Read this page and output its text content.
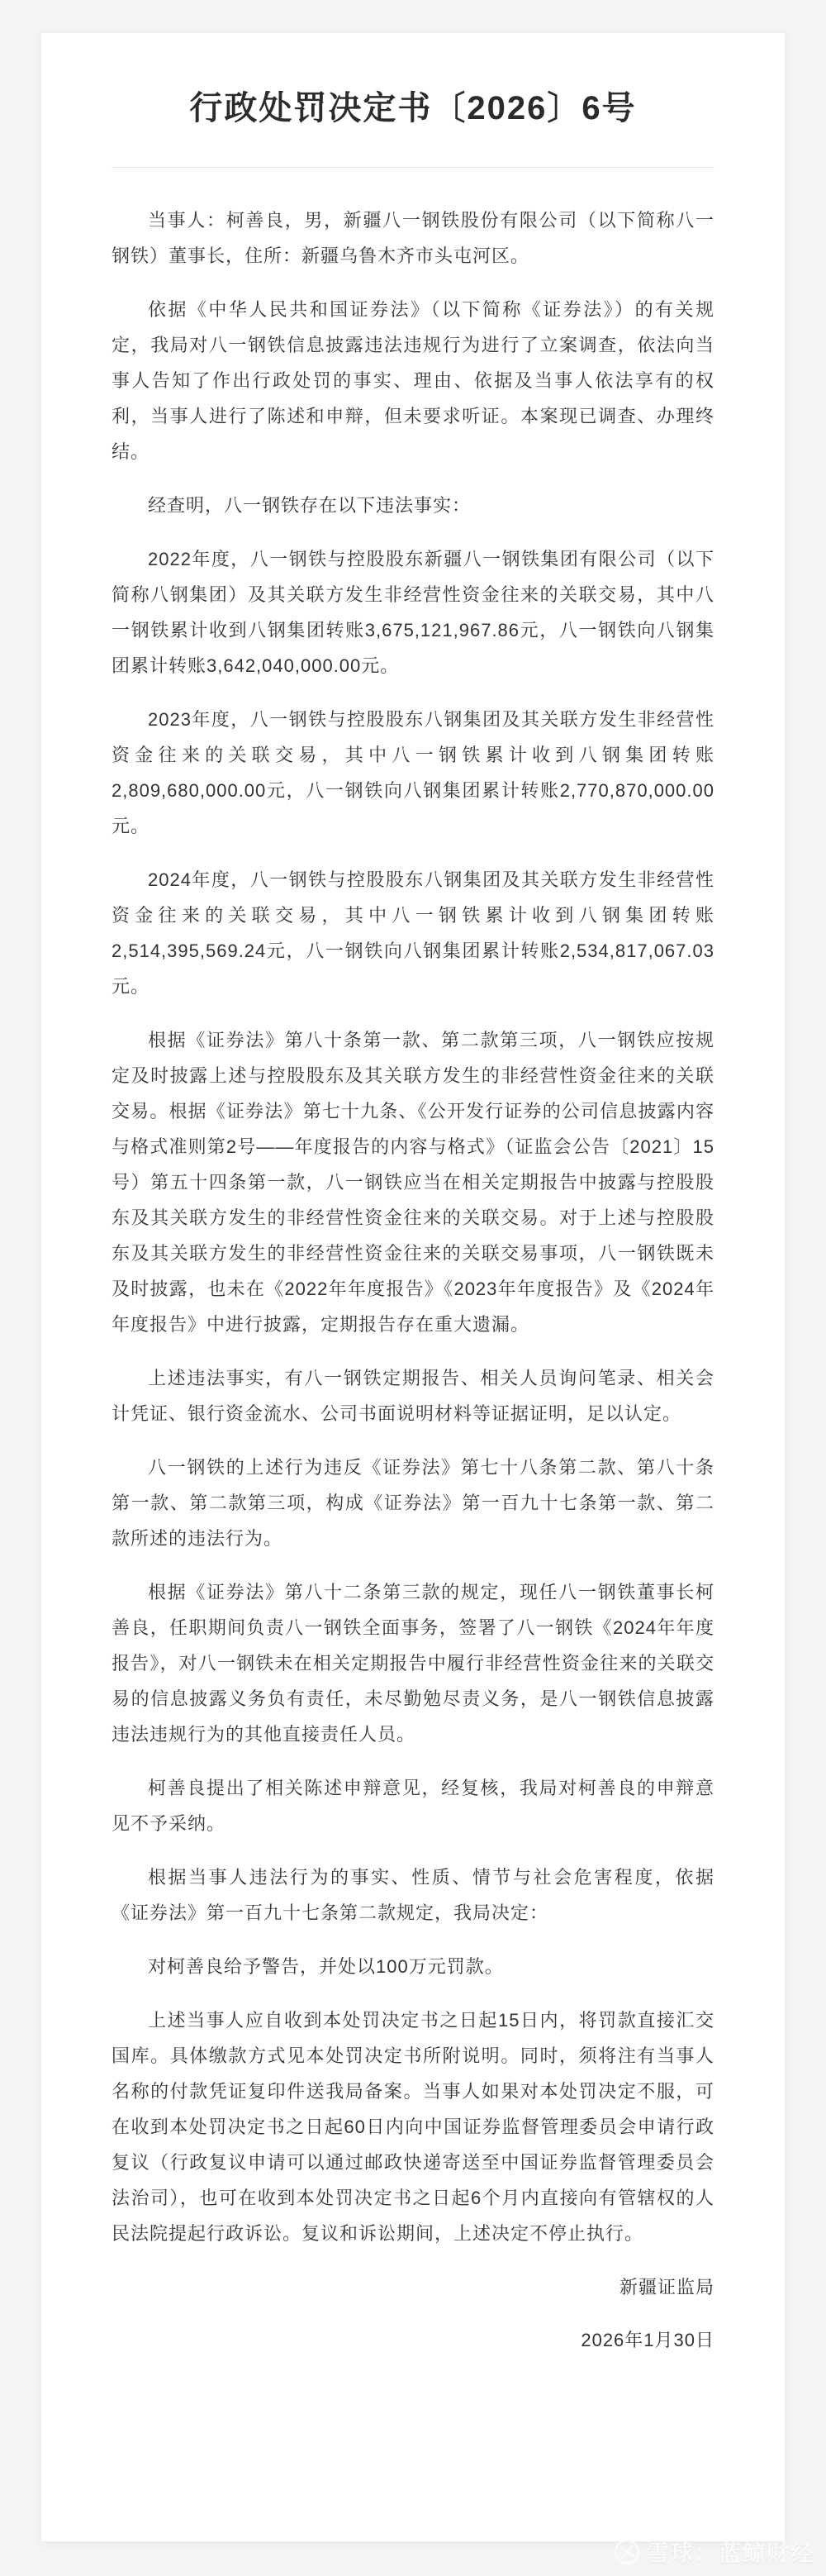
行政处罚决定书〔2026〕6号

当事人：柯善良，男，新疆八一钢铁股份有限公司（以下简称八一钢铁）董事长，住所：新疆乌鲁木齐市头屯河区。

依据《中华人民共和国证券法》（以下简称《证券法》）的有关规定，我局对八一钢铁信息披露违法违规行为进行了立案调查，依法向当事人告知了作出行政处罚的事实、理由、依据及当事人依法享有的权利，当事人进行了陈述和申辩，但未要求听证。本案现已调查、办理终结。

经查明，八一钢铁存在以下违法事实：

2022年度，八一钢铁与控股股东新疆八一钢铁集团有限公司（以下简称八钢集团）及其关联方发生非经营性资金往来的关联交易，其中八一钢铁累计收到八钢集团转账3,675,121,967.86元，八一钢铁向八钢集团累计转账3,642,040,000.00元。

2023年度，八一钢铁与控股股东八钢集团及其关联方发生非经营性资金往来的关联交易，其中八一钢铁累计收到八钢集团转账2,809,680,000.00元，八一钢铁向八钢集团累计转账2,770,870,000.00元。

2024年度，八一钢铁与控股股东八钢集团及其关联方发生非经营性资金往来的关联交易，其中八一钢铁累计收到八钢集团转账2,514,395,569.24元，八一钢铁向八钢集团累计转账2,534,817,067.03元。

根据《证券法》第八十条第一款、第二款第三项，八一钢铁应按规定及时披露上述与控股股东及其关联方发生的非经营性资金往来的关联交易。根据《证券法》第七十九条、《公开发行证券的公司信息披露内容与格式准则第2号——年度报告的内容与格式》（证监会公告〔2021〕15号）第五十四条第一款，八一钢铁应当在相关定期报告中披露与控股股东及其关联方发生的非经营性资金往来的关联交易。对于上述与控股股东及其关联方发生的非经营性资金往来的关联交易事项，八一钢铁既未及时披露，也未在《2022年年度报告》《2023年年度报告》及《2024年年度报告》中进行披露，定期报告存在重大遗漏。

上述违法事实，有八一钢铁定期报告、相关人员询问笔录、相关会计凭证、银行资金流水、公司书面说明材料等证据证明，足以认定。

八一钢铁的上述行为违反《证券法》第七十八条第二款、第八十条第一款、第二款第三项，构成《证券法》第一百九十七条第一款、第二款所述的违法行为。

根据《证券法》第八十二条第三款的规定，现任八一钢铁董事长柯善良，任职期间负责八一钢铁全面事务，签署了八一钢铁《2024年年度报告》，对八一钢铁未在相关定期报告中履行非经营性资金往来的关联交易的信息披露义务负有责任，未尽勤勉尽责义务，是八一钢铁信息披露违法违规行为的其他直接责任人员。

柯善良提出了相关陈述申辩意见，经复核，我局对柯善良的申辩意见不予采纳。

根据当事人违法行为的事实、性质、情节与社会危害程度，依据《证券法》第一百九十七条第二款规定，我局决定：

对柯善良给予警告，并处以100万元罚款。

上述当事人应自收到本处罚决定书之日起15日内，将罚款直接汇交国库。具体缴款方式见本处罚决定书所附说明。同时，须将注有当事人名称的付款凭证复印件送我局备案。当事人如果对本处罚决定不服，可在收到本处罚决定书之日起60日内向中国证券监督管理委员会申请行政复议（行政复议申请可以通过邮政快递寄送至中国证券监督管理委员会法治司），也可在收到本处罚决定书之日起6个月内直接向有管辖权的人民法院提起行政诉讼。复议和诉讼期间，上述决定不停止执行。

新疆证监局

2026年1月30日

雪球：蓝鲸财经
